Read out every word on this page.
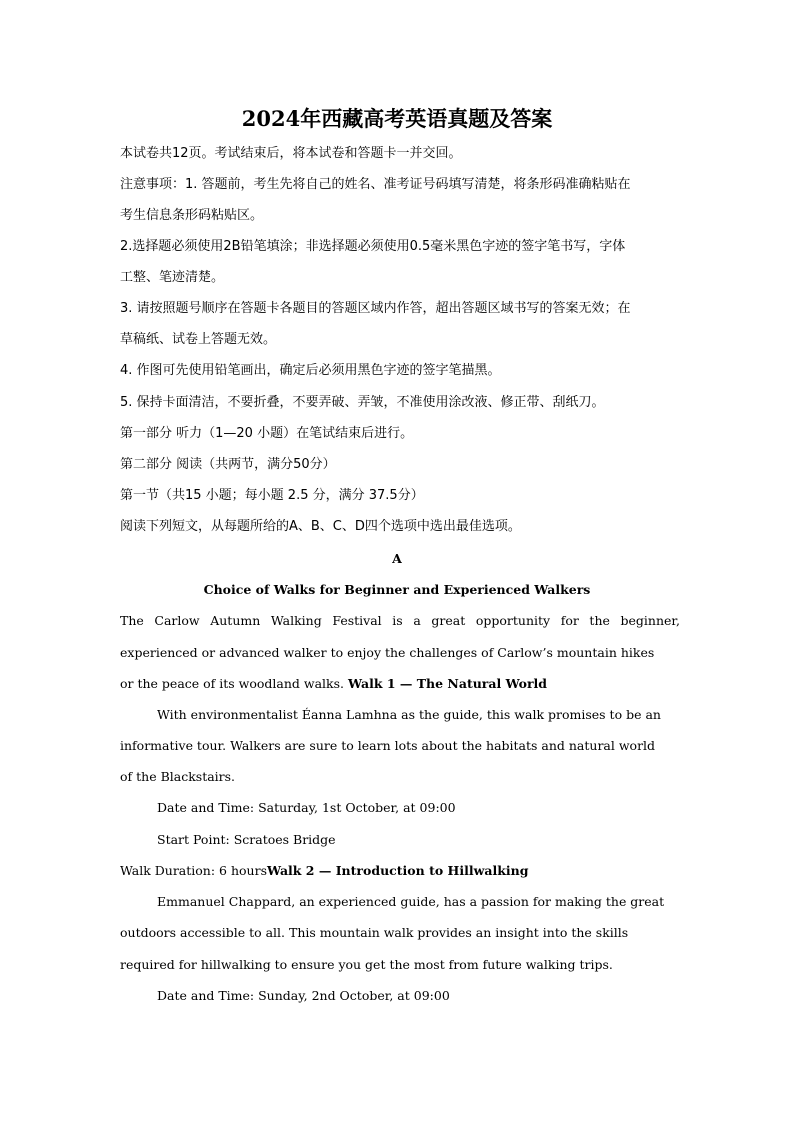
2024年西藏高考英语真题及答案
本试卷共12页。考试结束后，将本试卷和答题卡一并交回。
注意事项：1. 答题前，考生先将自己的姓名、准考证号码填写清楚，将条形码准确粘贴在
考生信息条形码粘贴区。
2.选择题必须使用2B铅笔填涂；非选择题必须使用0.5毫米黑色字迹的签字笔书写，字体
工整、笔迹清楚。
3. 请按照题号顺序在答题卡各题目的答题区域内作答，超出答题区域书写的答案无效；在
草稿纸、试卷上答题无效。
4. 作图可先使用铅笔画出，确定后必须用黑色字迹的签字笔描黑。
5. 保持卡面清洁，不要折叠，不要弄破、弄皱，不准使用涂改液、修正带、刮纸刀。
第一部分 听力（1—20 小题）在笔试结束后进行。
第二部分 阅读（共两节，满分50分）
第一节（共15 小题；每小题 2.5 分，满分 37.5分）
阅读下列短文，从每题所给的A、B、C、D四个选项中选出最佳选项。
A
Choice of Walks for Beginner and Experienced Walkers
The Carlow Autumn Walking Festival is a great opportunity for the beginner,
experienced or advanced walker to enjoy the challenges of Carlow’s mountain hikes
or the peace of its woodland walks. Walk 1 — The Natural World
With environmentalist Éanna Lamhna as the guide, this walk promises to be an
informative tour. Walkers are sure to learn lots about the habitats and natural world
of the Blackstairs.
Date and Time: Saturday, 1st October, at 09:00
Start Point: Scratoes Bridge
Walk Duration: 6 hoursWalk 2 — Introduction to Hillwalking
Emmanuel Chappard, an experienced guide, has a passion for making the great
outdoors accessible to all. This mountain walk provides an insight into the skills
required for hillwalking to ensure you get the most from future walking trips.
Date and Time: Sunday, 2nd October, at 09:00
